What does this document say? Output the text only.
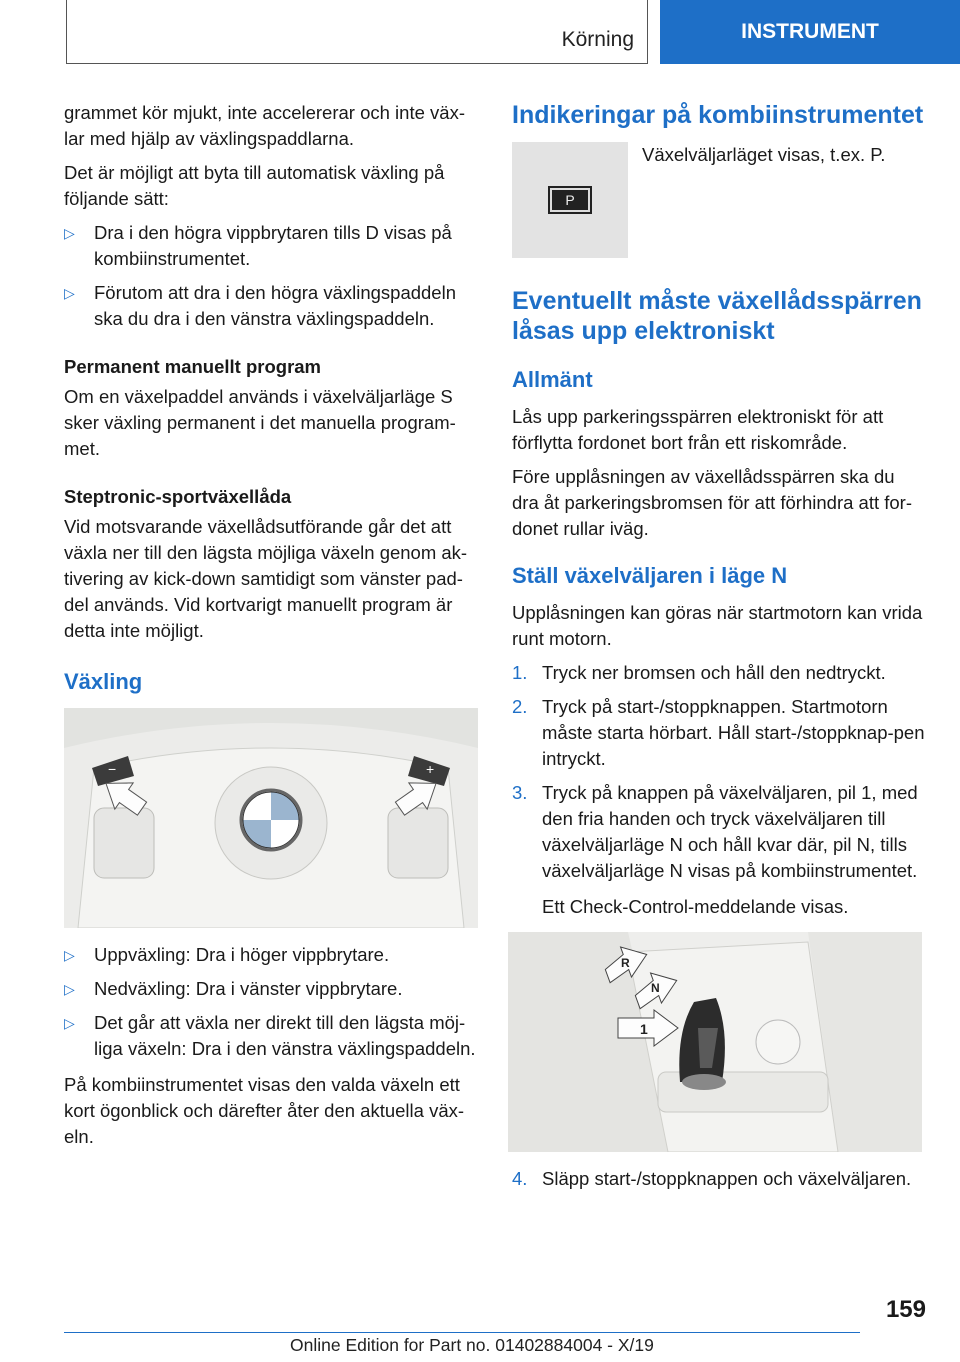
Körning	INSTRUMENT

grammet kör mjukt, inte accelererar och inte väx-lar med hjälp av växlingspaddlarna.

Det är möjligt att byta till automatisk växling på följande sätt:

▷ Dra i den högra vippbrytaren tills D visas på kombiinstrumentet.
▷ Förutom att dra i den högra växlingspaddeln ska du dra i den vänstra växlingspaddeln.
Permanent manuellt program

Om en växelpaddel används i växelväljarläge S sker växling permanent i det manuella program-met.

Steptronic-sportväxellåda

Vid motsvarande växellådsutförande går det att växla ner till den lägsta möjliga växeln genom ak-tivering av kick-down samtidigt som vänster pad-del används. Vid kortvarigt manuellt program är detta inte möjligt.

Växling
−	+
▷ Uppväxling: Dra i höger vippbrytare.
▷ Nedväxling: Dra i vänster vippbrytare.
▷ Det går att växla ner direkt till den lägsta möj-liga växeln: Dra i den vänstra växlingspaddeln.

På kombiinstrumentet visas den valda växeln ett kort ögonblick och därefter åter den aktuella väx-eln.

Indikeringar på kombiinstrumentet
P
Växelväljarläget visas, t.ex. P.
Eventuellt måste växellådsspärren låsas upp elektroniskt
Allmänt

Lås upp parkeringsspärren elektroniskt för att förflytta fordonet bort från ett riskområde.

Före upplåsningen av växellådsspärren ska du dra åt parkeringsbromsen för att förhindra att for-donet rullar iväg.

Ställ växelväljaren i läge N

Upplåsningen kan göras när startmotorn kan vrida runt motorn.

1. Tryck ner bromsen och håll den nedtryckt.
2. Tryck på start-/stoppknappen. Startmotorn måste starta hörbart. Håll start-/stoppknap-pen intryckt.
3. Tryck på knappen på växelväljaren, pil 1, med den fria handen och tryck växelväljaren till växelväljarläge N och håll kvar där, pil N, tills växelväljarläge N visas på kombiinstrumentet.
Ett Check-Control-meddelande visas.
R
N
1
4. Släpp start-/stoppknappen och växelväljaren.
159
Online Edition for Part no. 01402884004 - X/19
